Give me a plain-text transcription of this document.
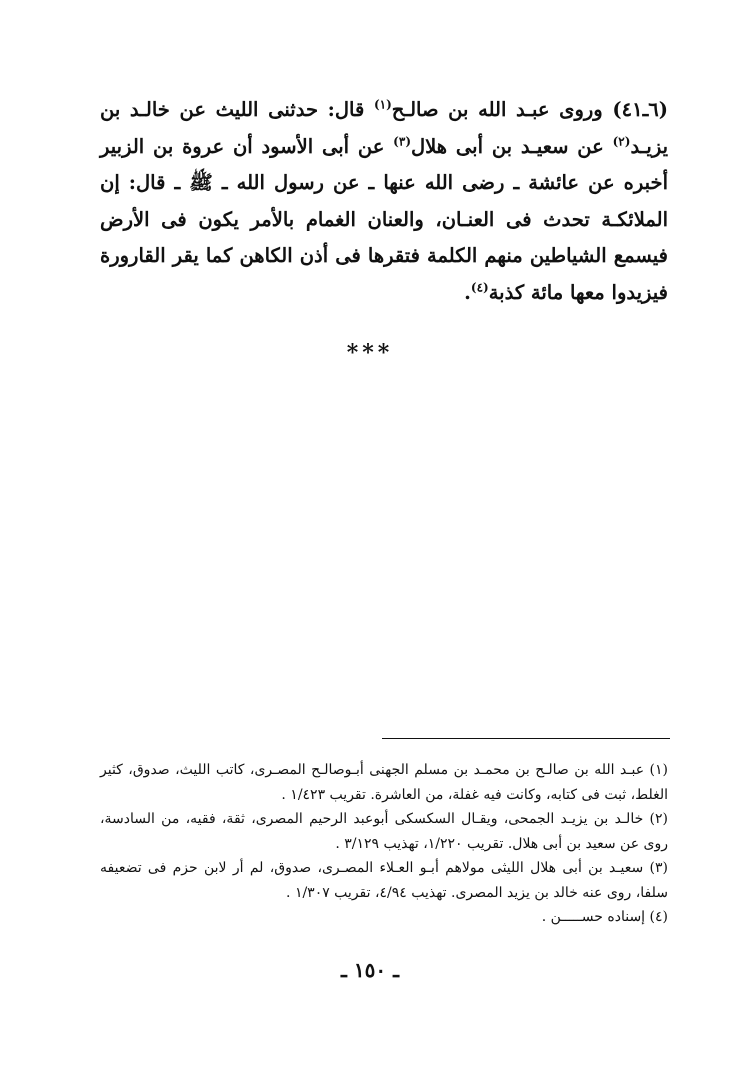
(٦ـ٤١) وروى عبـد الله بن صالـح$^{(١)}$ قال: حدثنى الليث عن خالـد بن يزيـد$^{(٢)}$ عن سعيـد بن أبى هلال$^{(٣)}$ عن أبى الأسود أن عروة بن الزبير أخبره عن عائشة ـ رضى الله عنها ـ عن رسول الله ـ ﷺ ـ قال: إن الملائكـة تحدث فى العنـان، والعنان الغمام بالأمر يكون فى الأرض فيسمع الشياطين منهم الكلمة فتقرها فى أذن الكاهن كما يقر القارورة فيزيدوا معها مائة كذبة$^{(٤)}$.
***

(١) عبـد الله بن صالـح بن محمـد بن مسلم الجهنى أبـوصالـح المصـرى، كاتب الليث، صدوق، كثير الغلط، ثبت فى كتابه، وكانت فيه غفلة، من العاشرة. تقريب ١/٤٢٣ .

(٢) خالـد بن يزيـد الجمحى، ويقـال السكسكى أبوعبد الرحيم المصرى، ثقة، فقيه، من السادسة، روى عن سعيد بن أبى هلال. تقريب ١/٢٢٠، تهذيب ٣/١٢٩ .

(٣) سعيـد بن أبى هلال الليثى مولاهم أبـو العـلاء المصـرى، صدوق، لم أر لابن حزم فى تضعيفه سلفا، روى عنه خالد بن يزيد المصرى. تهذيب ٤/٩٤، تقريب ١/٣٠٧ .

(٤) إسناده حســـــن .

ـ ١٥٠ ـ
